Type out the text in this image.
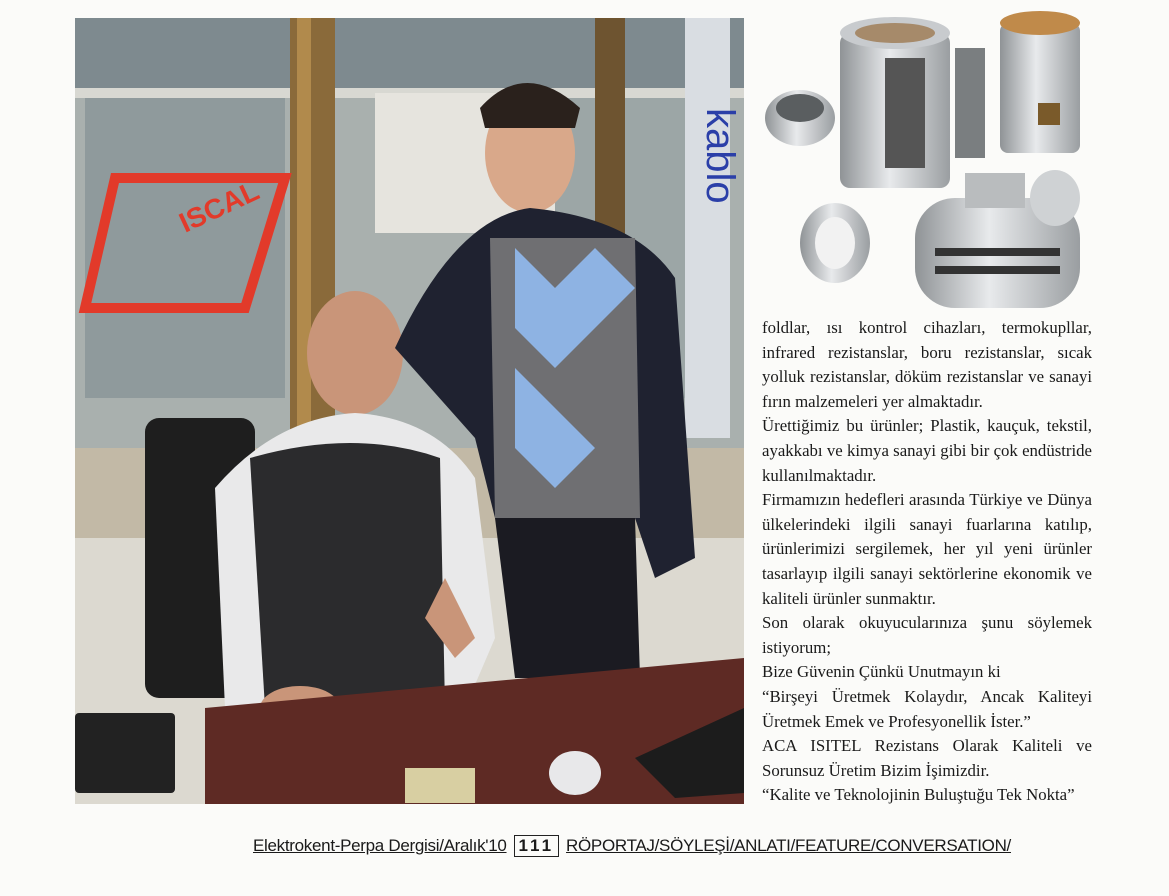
kablo
ISCAL

foldlar, ısı kontrol cihazları, termokupllar, infrared rezistanslar, boru rezistanslar, sıcak yolluk rezistanslar, döküm rezistanslar ve sanayi fırın malzemeleri yer almaktadır.

Ürettiğimiz bu ürünler; Plastik, kauçuk, tekstil, ayakkabı ve kimya sanayi gibi bir çok endüstride kullanılmaktadır.

Firmamızın hedefleri arasında Türkiye ve Dünya ülkelerindeki ilgili sanayi fuarlarına katılıp, ürünlerimizi sergilemek, her yıl yeni ürünler tasarlayıp ilgili sanayi sektörlerine ekonomik ve kaliteli ürünler sunmaktır.

Son olarak okuyucularınıza şunu söylemek istiyorum;

Bize Güvenin Çünkü Unutmayın ki

“Birşeyi Üretmek Kolaydır, Ancak Kaliteyi Üretmek Emek ve Profesyonellik İster.”

ACA ISITEL Rezistans Olarak Kaliteli ve Sorunsuz Üretim Bizim İşimizdir.

“Kalite ve Teknolojinin Buluştuğu Tek Nokta”

Elektrokent-Perpa Dergisi/Aralık'10 111 RÖPORTAJ/SÖYLEŞİ/ANLATI/FEATURE/CONVERSATION/
